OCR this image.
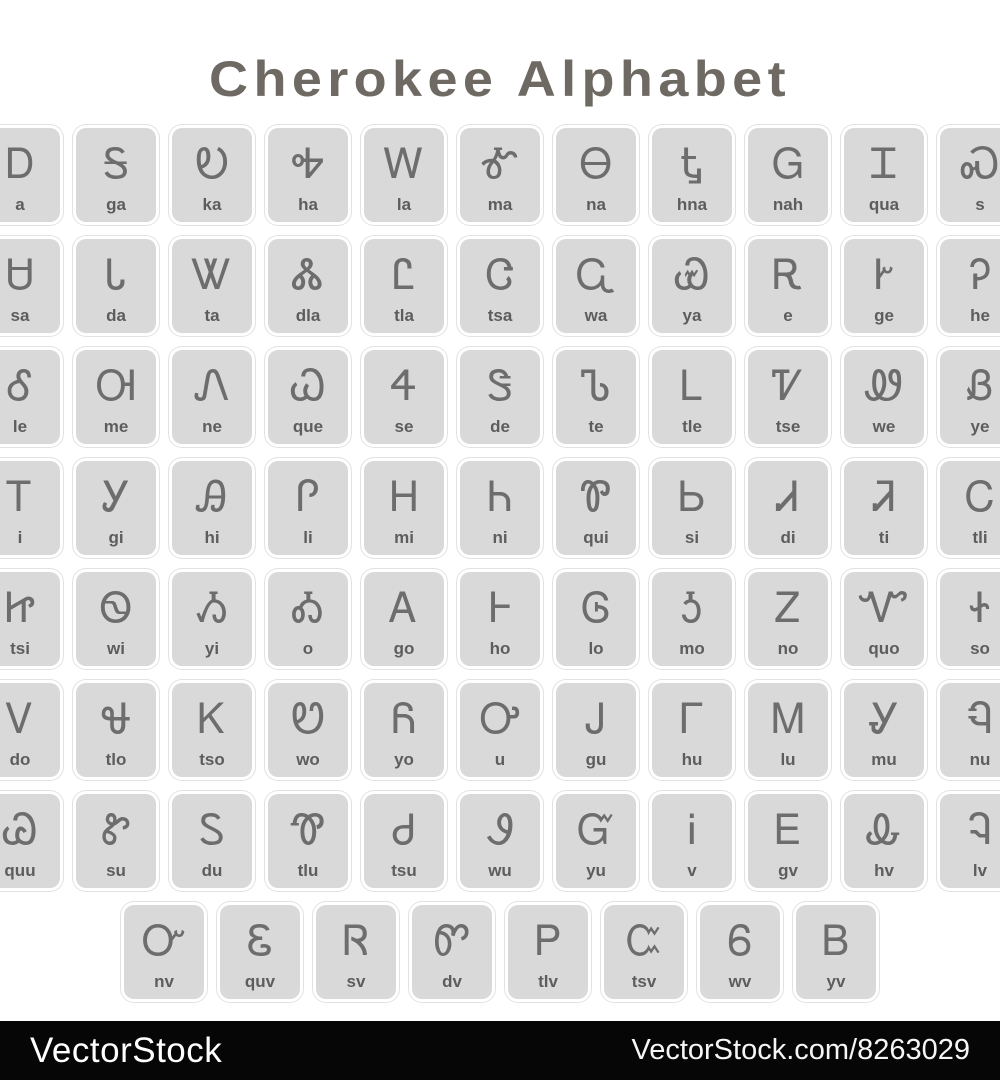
Cherokee Alphabet
Ꭰ
a
Ꭶ
ga
Ꭷ
ka
Ꭽ
ha
Ꮃ
la
Ꮉ
ma
Ꮎ
na
Ꮏ
hna
Ꮐ
nah
Ꮖ
qua
Ꮝ
s
Ꮜ
sa
Ꮣ
da
Ꮤ
ta
Ꮬ
dla
Ꮭ
tla
Ꮳ
tsa
Ꮹ
wa
Ꮿ
ya
Ꭱ
e
Ꭸ
ge
Ꭾ
he
Ꮄ
le
Ꮊ
me
Ꮑ
ne
Ꮗ
que
Ꮞ
se
Ꮥ
de
Ꮦ
te
Ꮮ
tle
Ꮴ
tse
Ꮺ
we
Ᏸ
ye
Ꭲ
i
Ꭹ
gi
Ꭿ
hi
Ꮅ
li
Ꮋ
mi
Ꮒ
ni
Ꮘ
qui
Ꮟ
si
Ꮧ
di
Ꮨ
ti
Ꮯ
tli
Ꮵ
tsi
Ꮻ
wi
Ᏹ
yi
Ꭳ
o
Ꭺ
go
Ꮀ
ho
Ꮆ
lo
Ꮌ
mo
Ꮓ
no
Ꮙ
quo
Ꮠ
so
Ꮩ
do
Ꮰ
tlo
Ꮶ
tso
Ꮼ
wo
Ᏺ
yo
Ꭴ
u
Ꭻ
gu
Ꮁ
hu
Ꮇ
lu
Ꮍ
mu
Ꮔ
nu
Ꮚ
quu
Ꮡ
su
Ꮪ
du
Ꮱ
tlu
Ꮷ
tsu
Ꮽ
wu
Ᏻ
yu
Ꭵ
v
Ꭼ
gv
Ꮂ
hv
Ꮈ
lv
Ꮕ
nv
Ꮛ
quv
Ꮢ
sv
Ꮫ
dv
Ꮲ
tlv
Ꮸ
tsv
Ꮾ
wv
Ᏼ
yv
VectorStock	VectorStock.com/8263029
